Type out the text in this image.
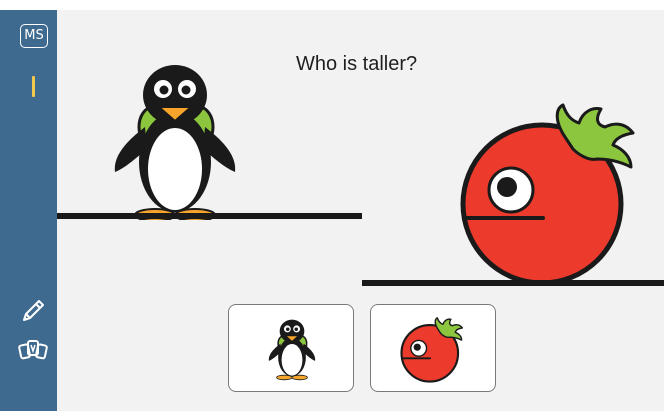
MS
Who is taller?
